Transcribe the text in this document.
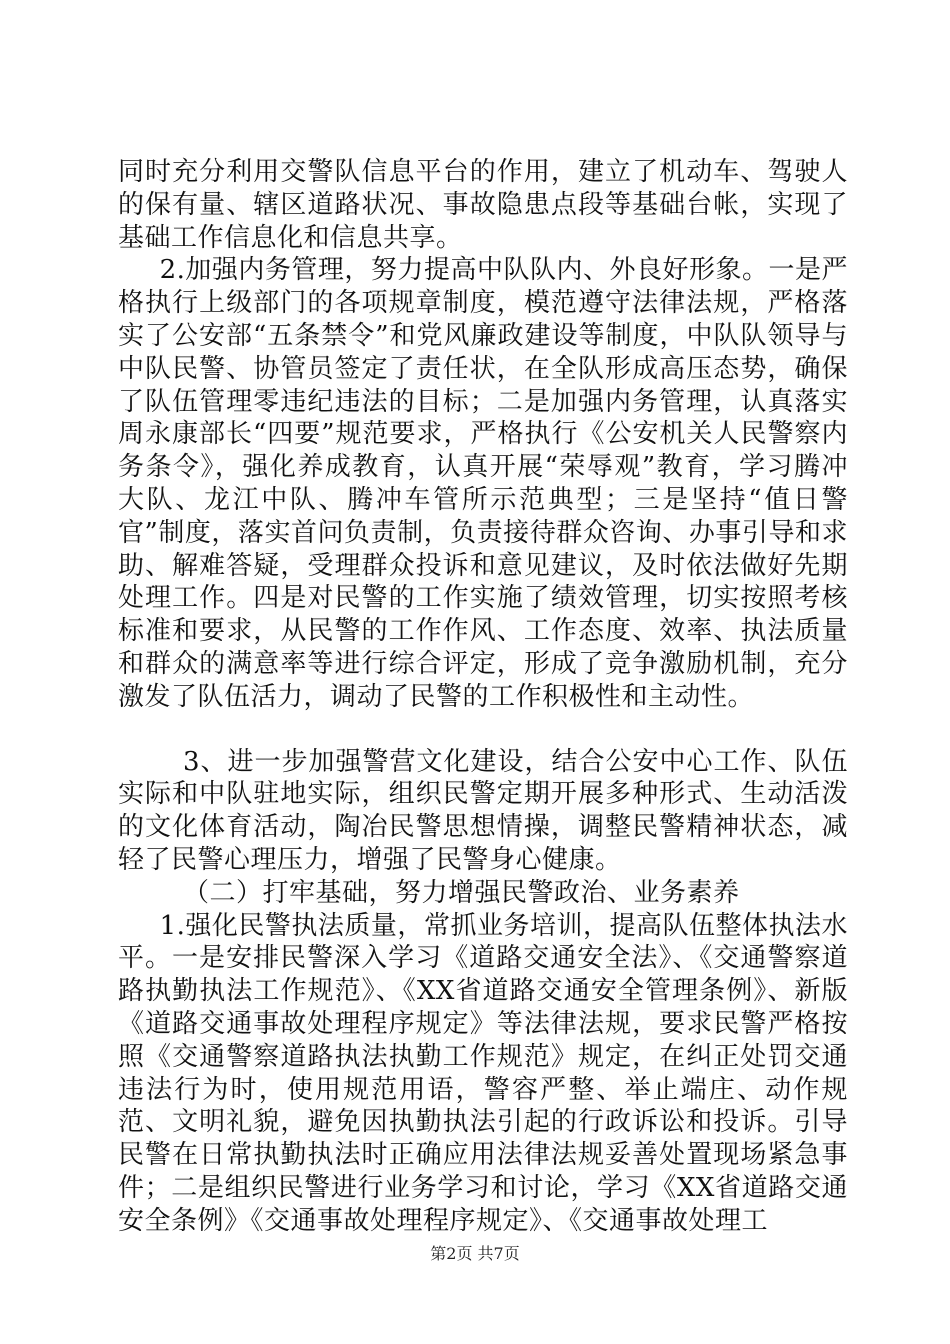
同时充分利用交警队信息平台的作用，建立了机动车、驾驶人的保有量、辖区道路状况、事故隐患点段等基础台帐，实现了基础工作信息化和信息共享。

2.加强内务管理，努力提高中队队内、外良好形象。一是严格执行上级部门的各项规章制度，模范遵守法律法规，严格落实了公安部“五条禁令”和党风廉政建设等制度，中队队领导与中队民警、协管员签定了责任状，在全队形成高压态势，确保了队伍管理零违纪违法的目标；二是加强内务管理，认真落实周永康部长“四要”规范要求，严格执行《公安机关人民警察内务条令》，强化养成教育，认真开展“荣辱观”教育，学习腾冲大队、龙江中队、腾冲车管所示范典型；三是坚持“值日警官”制度，落实首问负责制，负责接待群众咨询、办事引导和求助、解难答疑，受理群众投诉和意见建议，及时依法做好先期处理工作。四是对民警的工作实施了绩效管理，切实按照考核标准和要求，从民警的工作作风、工作态度、效率、执法质量和群众的满意率等进行综合评定，形成了竞争激励机制，充分激发了队伍活力，调动了民警的工作积极性和主动性。

3、进一步加强警营文化建设，结合公安中心工作、队伍实际和中队驻地实际，组织民警定期开展多种形式、生动活泼的文化体育活动，陶冶民警思想情操，调整民警精神状态，减轻了民警心理压力，增强了民警身心健康。

（二）打牢基础，努力增强民警政治、业务素养

1.强化民警执法质量，常抓业务培训，提高队伍整体执法水平。一是安排民警深入学习《道路交通安全法》、《交通警察道路执勤执法工作规范》、《XX省道路交通安全管理条例》、新版《道路交通事故处理程序规定》等法律法规，要求民警严格按照《交通警察道路执法执勤工作规范》规定，在纠正处罚交通违法行为时，使用规范用语，警容严整、举止端庄、动作规范、文明礼貌，避免因执勤执法引起的行政诉讼和投诉。引导民警在日常执勤执法时正确应用法律法规妥善处置现场紧急事件；二是组织民警进行业务学习和讨论，学习《XX省道路交通安全条例》《交通事故处理程序规定》、《交通事故处理工

第2页 共7页
